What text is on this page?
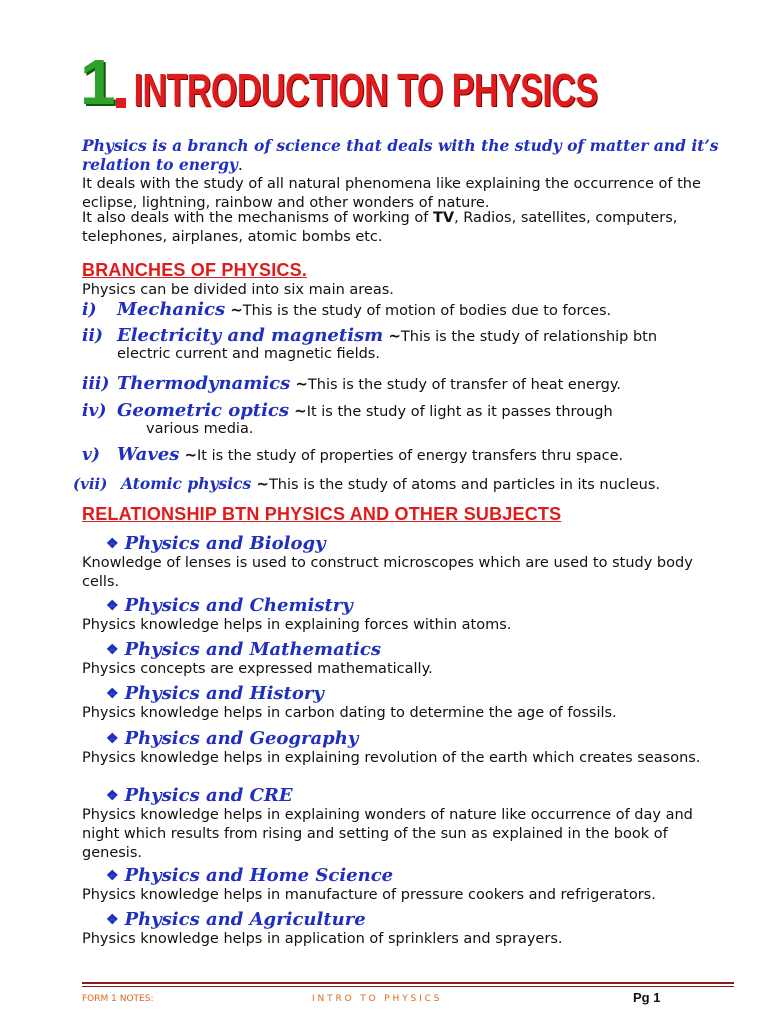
1 INTRODUCTION TO PHYSICS
Physics is a branch of science that deals with the study of matter and it’s relation to energy.
It deals with the study of all natural phenomena like explaining the occurrence of the eclipse, lightning, rainbow and other wonders of nature.
It also deals with the mechanisms of working of TV, Radios, satellites, computers, telephones, airplanes, atomic bombs etc.
BRANCHES OF PHYSICS.
Physics can be divided into six main areas.
i)	Mechanics
~ This is the study of motion of bodies due to forces.
ii) Electricity and magnetism
~ This is the study of relationship btn
electric current and magnetic fields.
iii) Thermodynamics
~ This is the study of transfer of heat energy.
iv) Geometric optics
~ It is the study of light as it passes through
various media.
v) Waves
~ It is the study of properties of energy transfers thru space.
(vii) Atomic physics
~ This is the study of atoms and particles in its nucleus.
RELATIONSHIP BTN PHYSICS AND OTHER SUBJECTS
❖ Physics and Biology
Knowledge of lenses is used to construct microscopes which are used to study body cells.
❖ Physics and Chemistry
Physics knowledge helps in explaining forces within atoms.
❖ Physics and Mathematics
Physics concepts are expressed mathematically.
❖ Physics and History
Physics knowledge helps in carbon dating to determine the age of fossils.
❖ Physics and Geography
Physics knowledge helps in explaining revolution of the earth which creates seasons.
❖ Physics and CRE
Physics knowledge helps in explaining wonders of nature like occurrence of day and night which results from rising and setting of the sun as explained in the book of genesis.
❖ Physics and Home Science
Physics knowledge helps in manufacture of pressure cookers and refrigerators.
❖ Physics and Agriculture
Physics knowledge helps in application of sprinklers and sprayers.
FORM 1 NOTES:	I N T R O   T O   P H Y S I C S	Pg 1
